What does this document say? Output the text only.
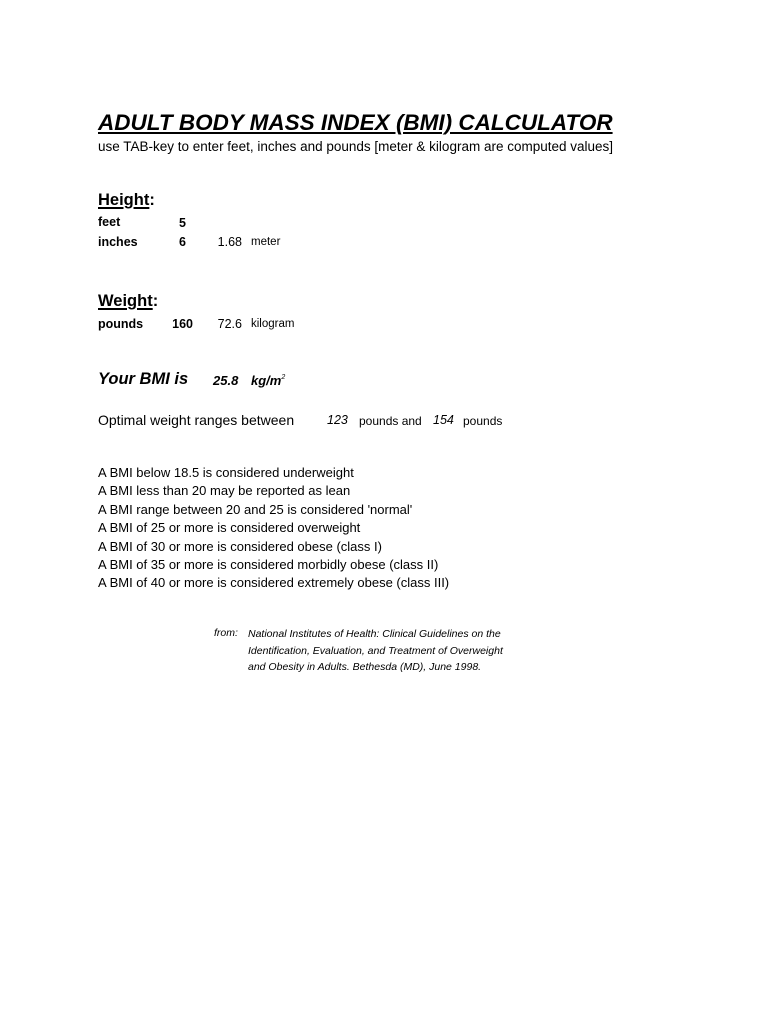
ADULT BODY MASS INDEX (BMI) CALCULATOR
use TAB-key to enter feet, inches and pounds [meter & kilogram are computed values]
Height:
feet	5
inches	6	1.68 meter
Weight:
pounds	160	72.6 kilogram
Your BMI is 25.8 $kg/m^2$
Optimal weight ranges between	123 pounds and 154 pounds
A BMI below 18.5 is considered underweight
A BMI less than 20 may be reported as lean
A BMI range between 20 and 25 is considered 'normal'
A BMI of 25 or more is considered overweight
A BMI of 30 or more is considered obese (class I)
A BMI of 35 or more is considered morbidly obese (class II)
A BMI of 40 or more is considered extremely obese (class III)
from: National Institutes of Health: Clinical Guidelines on the
Identification, Evaluation, and Treatment of Overweight
and Obesity in Adults. Bethesda (MD), June 1998.
